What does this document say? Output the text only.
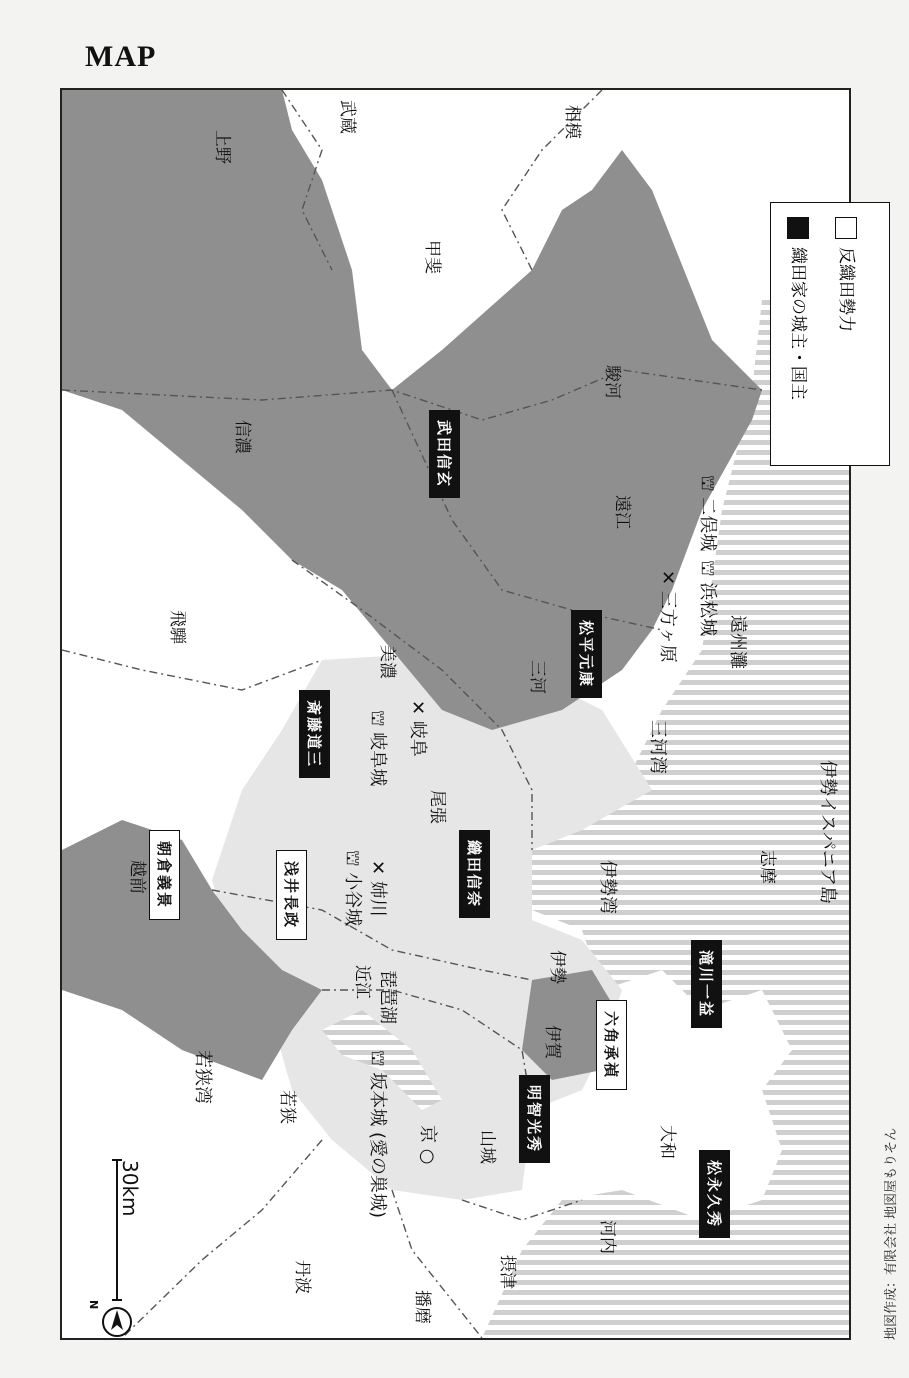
MAP
反織田勢力
織田家の城主・国主
上野
武蔵	相模
甲斐
信濃
駿河
遠江
三河
美濃
飛騨
尾張
越前
近江	伊勢
伊賀
若狭
山城	大和
丹波	摂津
河内
播磨
志摩
⛫ 二俣城
⛫ 浜松城
✕ 三方ヶ原
✕ 岐阜
⛫ 岐阜城
⛫ 小谷城
✕ 姉川
琵琶湖
⛫ 坂本城 (愛の巣城) 京 ○
若狭湾
伊勢湾
三河湾
遠州灘
伊勢イスパニア島
武田信玄
松平元康
斎藤道三
朝倉義景	浅井長政	織田信奈
六角承禎
滝川一益
明智光秀
松永久秀
30km
N	地図作成：有限会社 地図屋もりそん
